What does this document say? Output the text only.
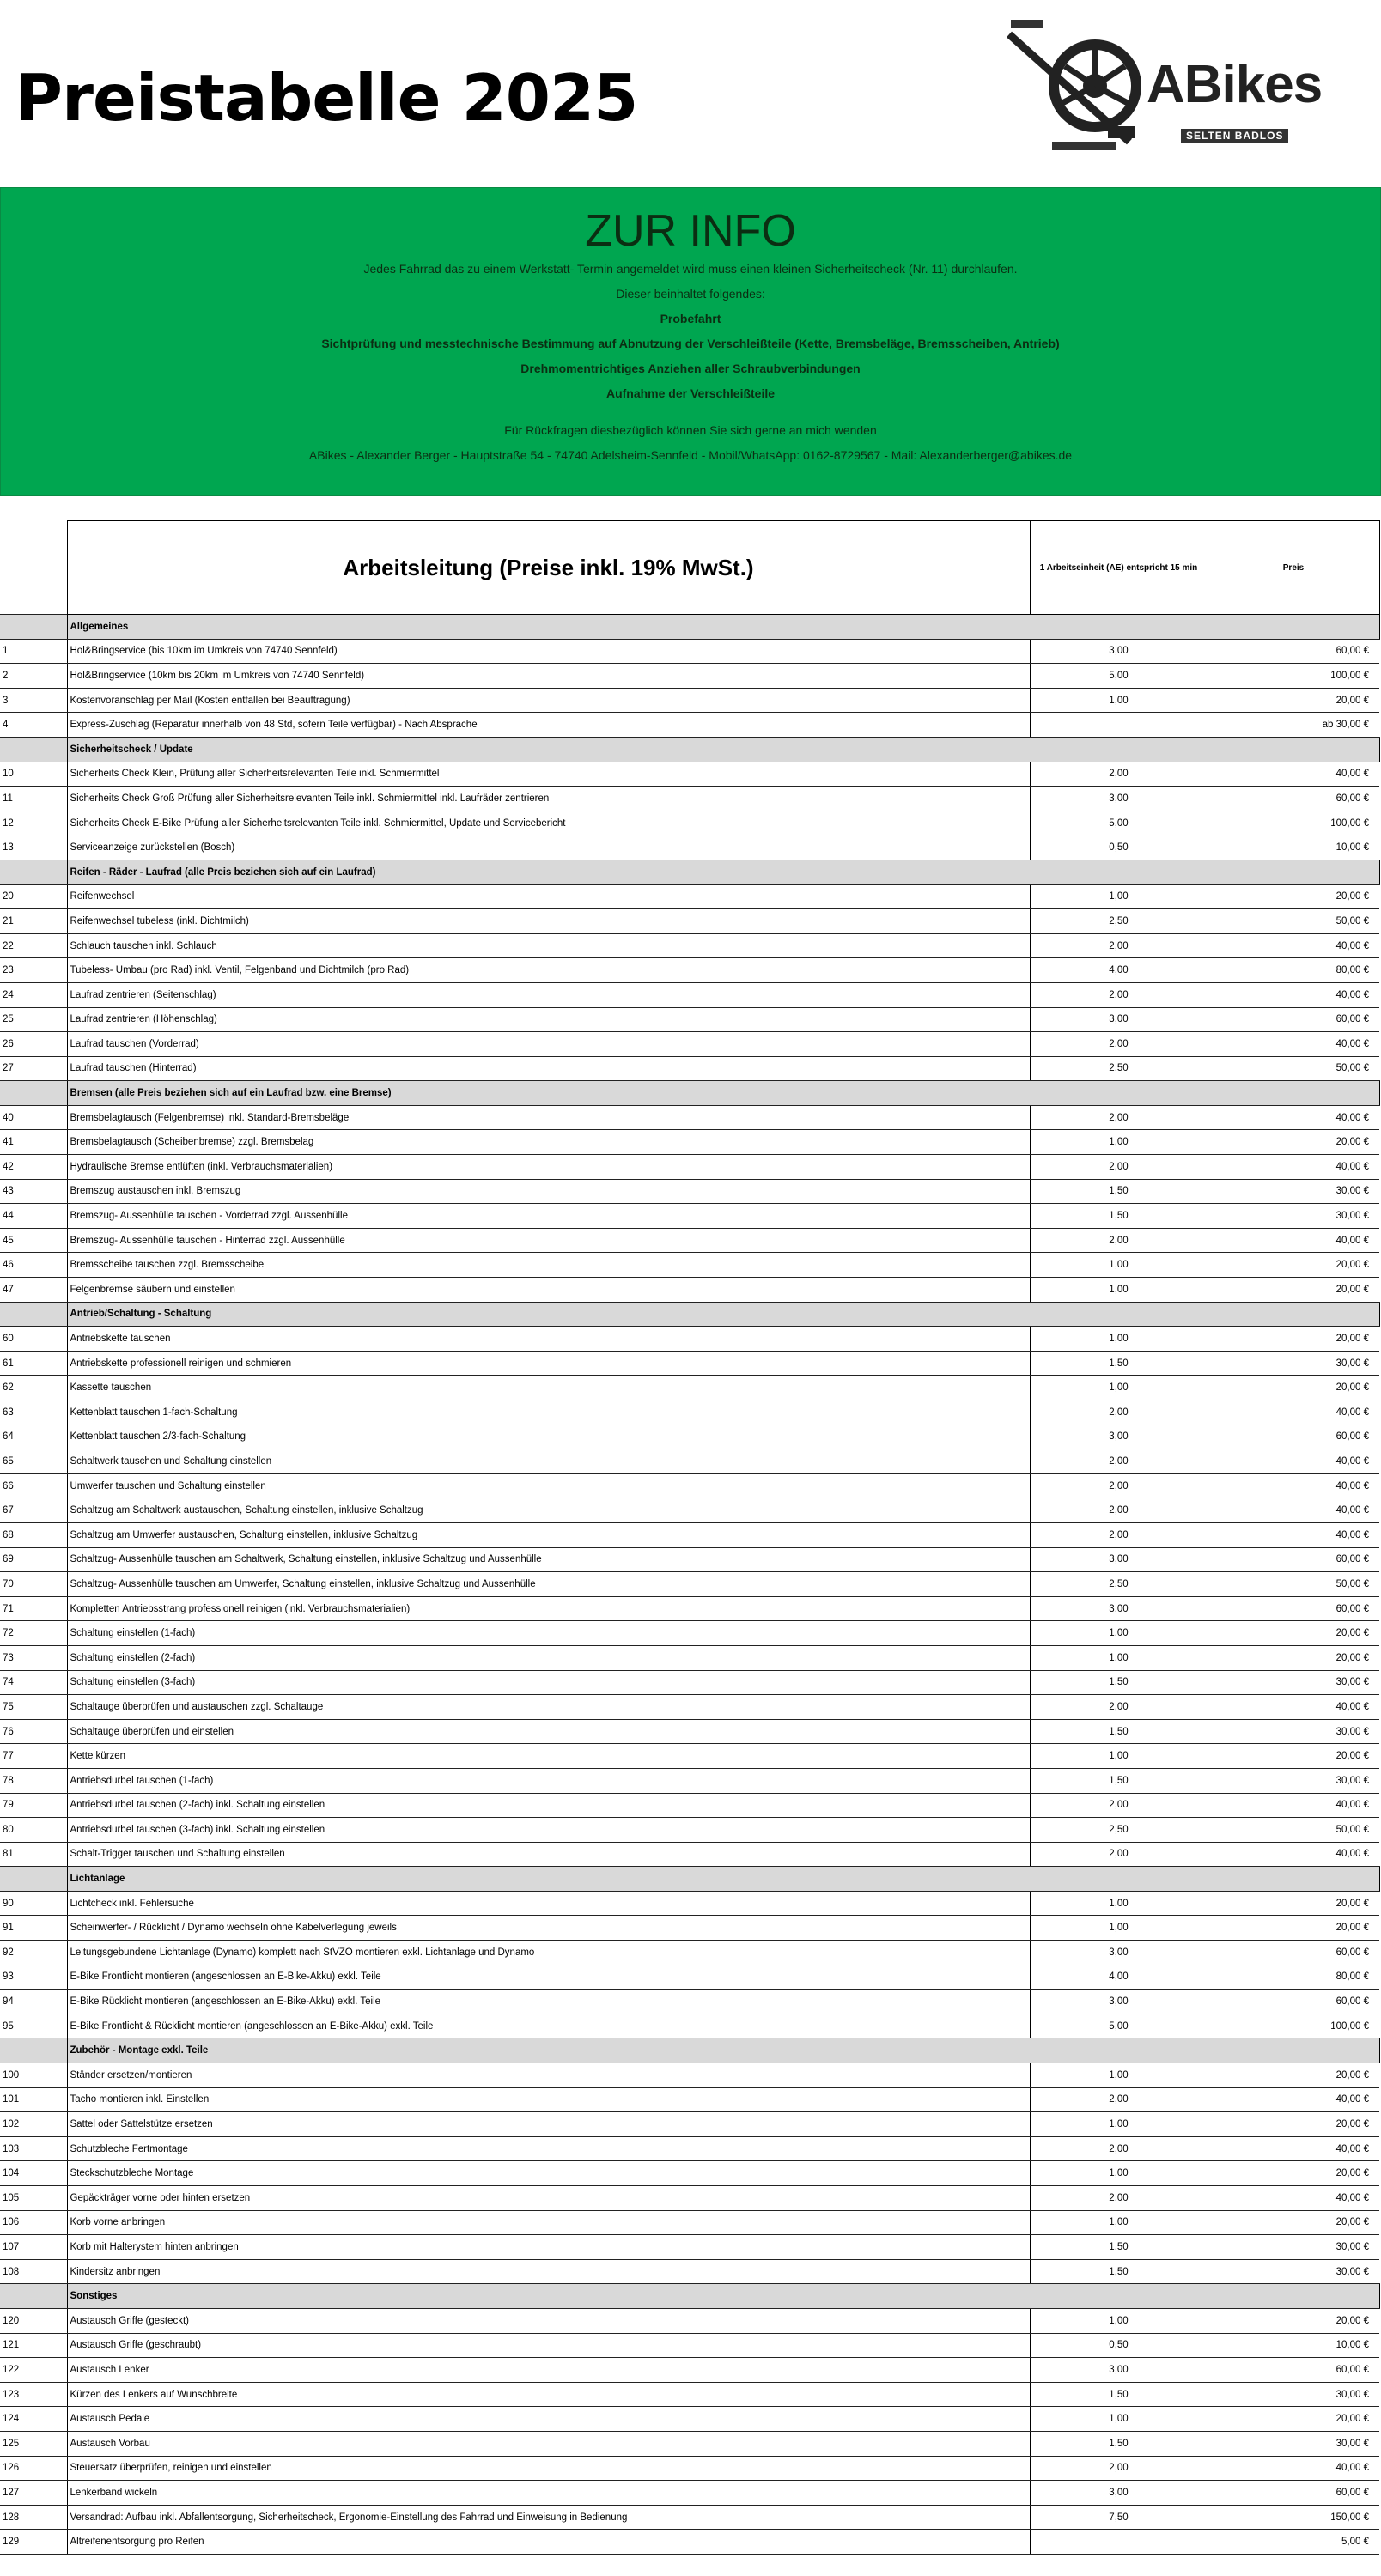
Preistabelle 2025	ABikes
SELTEN BADLOS
ZUR INFO

Jedes Fahrrad das zu einem Werkstatt- Termin angemeldet wird muss einen kleinen Sicherheitscheck (Nr. 11) durchlaufen.

Dieser beinhaltet folgendes:

Probefahrt

Sichtprüfung und messtechnische Bestimmung auf Abnutzung der Verschleißteile (Kette, Bremsbeläge, Bremsscheiben, Antrieb)

Drehmomentrichtiges Anziehen aller Schraubverbindungen

Aufnahme der Verschleißteile

Für Rückfragen diesbezüglich können Sie sich gerne an mich wenden

ABikes - Alexander Berger - Hauptstraße 54 - 74740 Adelsheim-Sennfeld - Mobil/WhatsApp: 0162-8729567 - Mail: Alexanderberger@abikes.de

	Arbeitsleitung (Preise inkl. 19% MwSt.)	1 Arbeitseinheit (AE) entspricht 15 min	Preis
	Allgemeines		
1	Hol&Bringservice (bis 10km im Umkreis von 74740 Sennfeld)	3,00	60,00 €
2	Hol&Bringservice (10km bis 20km im Umkreis von 74740 Sennfeld)	5,00	100,00 €
3	Kostenvoranschlag per Mail (Kosten entfallen bei Beauftragung)	1,00	20,00 €
4	Express-Zuschlag (Reparatur innerhalb von 48 Std, sofern Teile verfügbar) - Nach Absprache		ab 30,00 €
	Sicherheitscheck / Update		
10	Sicherheits Check Klein, Prüfung aller Sicherheitsrelevanten Teile inkl. Schmiermittel	2,00	40,00 €
11	Sicherheits Check Groß Prüfung aller Sicherheitsrelevanten Teile inkl. Schmiermittel inkl. Laufräder zentrieren	3,00	60,00 €
12	Sicherheits Check E-Bike Prüfung aller Sicherheitsrelevanten Teile inkl. Schmiermittel, Update und Servicebericht	5,00	100,00 €
13	Serviceanzeige zurückstellen (Bosch)	0,50	10,00 €
	Reifen - Räder - Laufrad (alle Preis beziehen sich auf ein Laufrad)		
20	Reifenwechsel	1,00	20,00 €
21	Reifenwechsel tubeless (inkl. Dichtmilch)	2,50	50,00 €
22	Schlauch tauschen inkl. Schlauch	2,00	40,00 €
23	Tubeless- Umbau (pro Rad) inkl. Ventil, Felgenband und Dichtmilch (pro Rad)	4,00	80,00 €
24	Laufrad zentrieren (Seitenschlag)	2,00	40,00 €
25	Laufrad zentrieren (Höhenschlag)	3,00	60,00 €
26	Laufrad tauschen (Vorderrad)	2,00	40,00 €
27	Laufrad tauschen (Hinterrad)	2,50	50,00 €
	Bremsen (alle Preis beziehen sich auf ein Laufrad bzw. eine Bremse)		
40	Bremsbelagtausch (Felgenbremse) inkl. Standard-Bremsbeläge	2,00	40,00 €
41	Bremsbelagtausch (Scheibenbremse) zzgl. Bremsbelag	1,00	20,00 €
42	Hydraulische Bremse entlüften (inkl. Verbrauchsmaterialien)	2,00	40,00 €
43	Bremszug austauschen inkl. Bremszug	1,50	30,00 €
44	Bremszug- Aussenhülle tauschen - Vorderrad zzgl. Aussenhülle	1,50	30,00 €
45	Bremszug- Aussenhülle tauschen - Hinterrad zzgl. Aussenhülle	2,00	40,00 €
46	Bremsscheibe tauschen zzgl. Bremsscheibe	1,00	20,00 €
47	Felgenbremse säubern und einstellen	1,00	20,00 €
	Antrieb/Schaltung - Schaltung		
60	Antriebskette tauschen	1,00	20,00 €
61	Antriebskette professionell reinigen und schmieren	1,50	30,00 €
62	Kassette tauschen	1,00	20,00 €
63	Kettenblatt tauschen 1-fach-Schaltung	2,00	40,00 €
64	Kettenblatt tauschen 2/3-fach-Schaltung	3,00	60,00 €
65	Schaltwerk tauschen und Schaltung einstellen	2,00	40,00 €
66	Umwerfer tauschen und Schaltung einstellen	2,00	40,00 €
67	Schaltzug am Schaltwerk austauschen, Schaltung einstellen, inklusive Schaltzug	2,00	40,00 €
68	Schaltzug am Umwerfer austauschen, Schaltung einstellen, inklusive Schaltzug	2,00	40,00 €
69	Schaltzug- Aussenhülle tauschen am Schaltwerk, Schaltung einstellen, inklusive Schaltzug und Aussenhülle	3,00	60,00 €
70	Schaltzug- Aussenhülle tauschen am Umwerfer, Schaltung einstellen, inklusive Schaltzug und Aussenhülle	2,50	50,00 €
71	Kompletten Antriebsstrang professionell reinigen (inkl. Verbrauchsmaterialien)	3,00	60,00 €
72	Schaltung einstellen (1-fach)	1,00	20,00 €
73	Schaltung einstellen (2-fach)	1,00	20,00 €
74	Schaltung einstellen (3-fach)	1,50	30,00 €
75	Schaltauge überprüfen und austauschen zzgl. Schaltauge	2,00	40,00 €
76	Schaltauge überprüfen und einstellen	1,50	30,00 €
77	Kette kürzen	1,00	20,00 €
78	Antriebsdurbel tauschen (1-fach)	1,50	30,00 €
79	Antriebsdurbel tauschen (2-fach) inkl. Schaltung einstellen	2,00	40,00 €
80	Antriebsdurbel tauschen (3-fach) inkl. Schaltung einstellen	2,50	50,00 €
81	Schalt-Trigger tauschen und Schaltung einstellen	2,00	40,00 €
	Lichtanlage		
90	Lichtcheck inkl. Fehlersuche	1,00	20,00 €
91	Scheinwerfer- / Rücklicht / Dynamo wechseln ohne Kabelverlegung jeweils	1,00	20,00 €
92	Leitungsgebundene Lichtanlage (Dynamo) komplett nach StVZO montieren exkl. Lichtanlage und Dynamo	3,00	60,00 €
93	E-Bike Frontlicht montieren (angeschlossen an E-Bike-Akku) exkl. Teile	4,00	80,00 €
94	E-Bike Rücklicht montieren (angeschlossen an E-Bike-Akku) exkl. Teile	3,00	60,00 €
95	E-Bike Frontlicht & Rücklicht montieren (angeschlossen an E-Bike-Akku) exkl. Teile	5,00	100,00 €
	Zubehör - Montage exkl. Teile		
100	Ständer ersetzen/montieren	1,00	20,00 €
101	Tacho montieren inkl. Einstellen	2,00	40,00 €
102	Sattel oder Sattelstütze ersetzen	1,00	20,00 €
103	Schutzbleche Fertmontage	2,00	40,00 €
104	Steckschutzbleche Montage	1,00	20,00 €
105	Gepäckträger vorne oder hinten ersetzen	2,00	40,00 €
106	Korb vorne anbringen	1,00	20,00 €
107	Korb mit Halterystem hinten anbringen	1,50	30,00 €
108	Kindersitz anbringen	1,50	30,00 €
	Sonstiges		
120	Austausch Griffe (gesteckt)	1,00	20,00 €
121	Austausch Griffe (geschraubt)	0,50	10,00 €
122	Austausch Lenker	3,00	60,00 €
123	Kürzen des Lenkers auf Wunschbreite	1,50	30,00 €
124	Austausch Pedale	1,00	20,00 €
125	Austausch Vorbau	1,50	30,00 €
126	Steuersatz überprüfen, reinigen und einstellen	2,00	40,00 €
127	Lenkerband wickeln	3,00	60,00 €
128	Versandrad: Aufbau inkl. Abfallentsorgung, Sicherheitscheck, Ergonomie-Einstellung des Fahrrad und Einweisung in Bedienung	7,50	150,00 €
129	Altreifenentsorgung pro Reifen		5,00 €
